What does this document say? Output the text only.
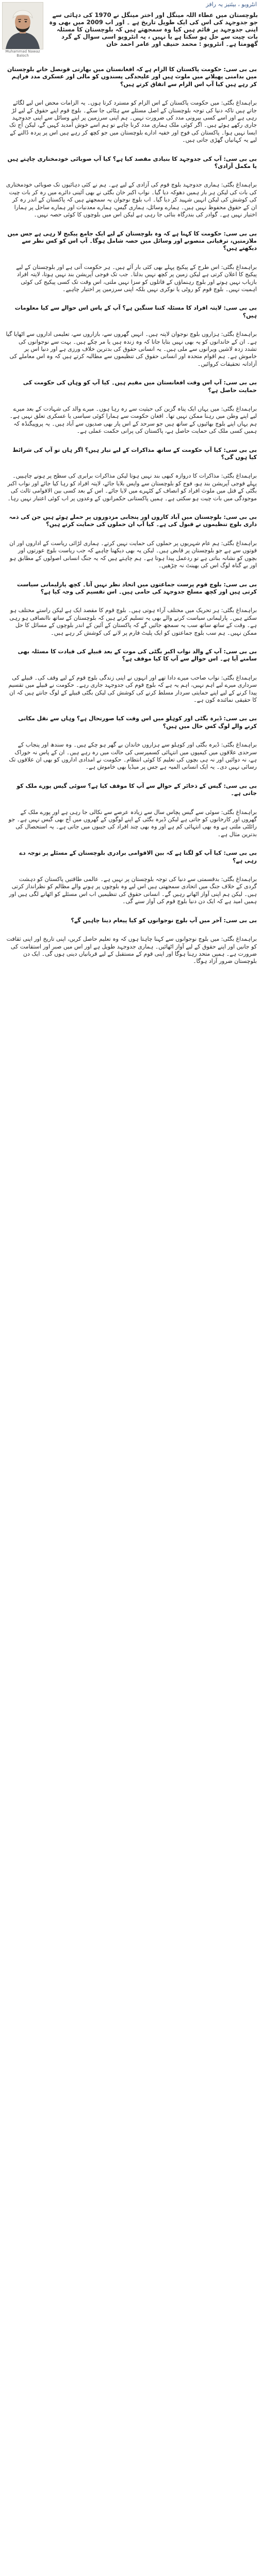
انٹرویو ، بیئتیز یہ رافز
Muhammad Nawaz Baloch
بلوچستان میں عطاء اللہ مینگل اور اختر مینگل نے 1970 کی دہائی سے جو جدوجہد کی اس کی ایک طویل تاریخ ہے ۔ اور اب 2009 میں بھی وہ اپنی جدوجہد پر قائم ہیں کیا وہ سمجھتے ہیں کہ بلوچستان کا مسئلہ بات چیت سے حل ہو سکتا ہے یا نہیں ، یہ انٹرویو اسی سوال کے گرد گھومتا ہے۔ انٹرویو : محمد حنیف اور عامر احمد خان

بی بی سی: حکومت پاکستان کا الزام ہے کہ افغانستان میں بھارتی قونصل خانے بلوچستان میں بدامنی پھیلانے میں ملوث ہیں اور علیحدگی پسندوں کو مالی اور عسکری مدد فراہم کر رہے ہیں کیا آپ اس الزام سے اتفاق کرتے ہیں؟

براہمداغ بگٹی: میں حکومت پاکستان کے اس الزام کو مسترد کرتا ہوں۔ یہ الزامات محض اس لیے لگائے جاتے ہیں تاکہ دنیا کی توجہ بلوچستان کے اصل مسئلے سے ہٹائی جا سکے۔ بلوچ قوم اپنے حقوق کے لیے لڑ رہی ہے اور اسے کسی بیرونی مدد کی ضرورت نہیں۔ ہم اپنی سرزمین پر اپنے وسائل سے اپنی جدوجہد جاری رکھے ہوئے ہیں۔ اگر کوئی ملک ہماری مدد کرنا چاہے تو ہم اسے خوش آمدید کہیں گے، لیکن آج تک ایسا نہیں ہوا۔ پاکستان کی فوج اور خفیہ ادارے بلوچستان میں جو کچھ کر رہے ہیں اس پر پردہ ڈالنے کے لیے یہ کہانیاں گھڑی جاتی ہیں۔

بی بی سی: آپ کی جدوجہد کا بنیادی مقصد کیا ہے؟ کیا آپ صوبائی خودمختاری چاہتے ہیں یا مکمل آزادی؟

براہمداغ بگٹی: ہماری جدوجہد بلوچ قوم کی آزادی کے لیے ہے۔ ہم نے کئی دہائیوں تک صوبائی خودمختاری کی بات کی لیکن ہر بار ہمیں دھوکہ دیا گیا۔ نواب اکبر خان بگٹی نے بھی آئینی دائرے میں رہ کر بات چیت کی کوشش کی لیکن انہیں شہید کر دیا گیا۔ اب بلوچ نوجوان یہ سمجھتے ہیں کہ پاکستان کے اندر رہ کر ان کے حقوق محفوظ نہیں ہیں۔ ہمارے وسائل، ہماری گیس، ہمارے معدنیات اور ہمارے ساحل پر ہمارا اختیار نہیں ہے۔ گوادر کی بندرگاہ بنائی جا رہی ہے لیکن اس میں بلوچوں کا کوئی حصہ نہیں۔

بی بی سی: حکومت کا کہنا ہے کہ وہ بلوچستان کے لیے ایک جامع پیکیج لا رہی ہے جس میں ملازمتیں، ترقیاتی منصوبے اور وسائل میں حصہ شامل ہوگا۔ آپ اس کو کس نظر سے دیکھتے ہیں؟

براہمداغ بگٹی: اس طرح کے پیکیج پہلے بھی کئی بار آئے ہیں۔ ہر حکومت آتی ہے اور بلوچستان کے لیے پیکیج کا اعلان کرتی ہے لیکن زمین پر کچھ نہیں بدلتا۔ جب تک فوجی آپریشن بند نہیں ہوتا، لاپتہ افراد بازیاب نہیں ہوتے اور بلوچ رہنماؤں کے قاتلوں کو سزا نہیں ملتی، اس وقت تک کسی پیکیج کی کوئی اہمیت نہیں۔ بلوچ قوم کو روٹی یا نوکری نہیں بلکہ اپنی سرزمین پر اختیار چاہیے۔

بی بی سی: لاپتہ افراد کا مسئلہ کتنا سنگین ہے؟ آپ کے پاس اس حوالے سے کیا معلومات ہیں؟

براہمداغ بگٹی: ہزاروں بلوچ نوجوان لاپتہ ہیں۔ انہیں گھروں سے، بازاروں سے، تعلیمی اداروں سے اٹھایا گیا ہے۔ ان کے خاندانوں کو یہ بھی نہیں بتایا جاتا کہ وہ زندہ ہیں یا مر چکے ہیں۔ بہت سے نوجوانوں کی تشدد زدہ لاشیں ویرانوں سے ملی ہیں۔ یہ انسانی حقوق کی بدترین خلاف ورزی ہے اور دنیا اس پر خاموش ہے۔ ہم اقوام متحدہ اور انسانی حقوق کی تنظیموں سے مطالبہ کرتے ہیں کہ وہ اس معاملے کی آزادانہ تحقیقات کروائیں۔

بی بی سی: آپ اس وقت افغانستان میں مقیم ہیں۔ کیا آپ کو وہاں کی حکومت کی حمایت حاصل ہے؟

براہمداغ بگٹی: میں یہاں ایک پناہ گزین کی حیثیت سے رہ رہا ہوں۔ میرے والد کی شہادت کے بعد میرے لیے اپنے وطن میں رہنا ممکن نہیں تھا۔ افغان حکومت سے ہمارا کوئی سیاسی یا عسکری تعلق نہیں ہے۔ ہم یہاں اپنے بلوچ بھائیوں کے ساتھ ہیں جو سرحد کے اس پار بھی صدیوں سے آباد ہیں۔ یہ پروپیگنڈہ کہ ہمیں کسی ملک کی حمایت حاصل ہے، پاکستان کی پرانی حکمت عملی ہے۔

بی بی سی: کیا آپ حکومت کے ساتھ مذاکرات کے لیے تیار ہیں؟ اگر ہاں تو آپ کی شرائط کیا ہوں گی؟

براہمداغ بگٹی: مذاکرات کا دروازہ کبھی بند نہیں ہوتا لیکن مذاکرات برابری کی سطح پر ہونے چاہییں۔ پہلے فوجی آپریشن بند ہو، فوج کو بلوچستان سے واپس بلایا جائے، لاپتہ افراد کو رہا کیا جائے اور نواب اکبر بگٹی کے قتل میں ملوث افراد کو انصاف کے کٹہرے میں لایا جائے۔ اس کے بعد کسی بین الاقوامی ثالث کی موجودگی میں بات چیت ہو سکتی ہے۔ ہمیں پاکستانی حکمرانوں کے وعدوں پر اب کوئی اعتبار نہیں رہا۔

بی بی سی: بلوچستان میں آباد کاروں اور پنجابی مزدوروں پر حملے ہوئے ہیں جن کی ذمہ داری بلوچ تنظیموں نے قبول کی ہے۔ کیا آپ ان حملوں کی حمایت کرتے ہیں؟

براہمداغ بگٹی: ہم عام شہریوں پر حملوں کی حمایت نہیں کرتے۔ ہماری لڑائی ریاست کے اداروں اور ان قوتوں سے ہے جو بلوچستان پر قابض ہیں۔ لیکن یہ بھی دیکھنا چاہیے کہ جب ریاست بلوچ عورتوں اور بچوں کو نشانہ بناتی ہے تو ردعمل پیدا ہوتا ہے۔ ہم چاہتے ہیں کہ یہ جنگ انسانی اصولوں کے مطابق ہو اور بے گناہ لوگ اس کی بھینٹ نہ چڑھیں۔

بی بی سی: بلوچ قوم پرست جماعتوں میں اتحاد نظر نہیں آتا۔ کچھ پارلیمانی سیاست کرتی ہیں اور کچھ مسلح جدوجہد کی حامی ہیں۔ اس تقسیم کی وجہ کیا ہے؟

براہمداغ بگٹی: ہر تحریک میں مختلف آراء ہوتی ہیں۔ بلوچ قوم کا مقصد ایک ہے لیکن راستے مختلف ہو سکتے ہیں۔ پارلیمانی سیاست کرنے والے بھی یہ تسلیم کرتے ہیں کہ بلوچستان کے ساتھ ناانصافی ہو رہی ہے۔ وقت کے ساتھ ساتھ سب یہ سمجھ جائیں گے کہ پاکستان کے آئین کے اندر بلوچوں کے مسائل کا حل ممکن نہیں۔ ہم سب بلوچ جماعتوں کو ایک پلیٹ فارم پر لانے کی کوشش کر رہے ہیں۔

بی بی سی: آپ کے والد نواب اکبر بگٹی کی موت کے بعد قبیلے کی قیادت کا مسئلہ بھی سامنے آیا ہے۔ اس حوالے سے آپ کا کیا موقف ہے؟

براہمداغ بگٹی: نواب صاحب میرے دادا تھے اور انہوں نے اپنی زندگی بلوچ قوم کے لیے وقف کی۔ قبیلے کی سرداری میرے لیے اہم نہیں، اہم یہ ہے کہ بلوچ قوم کی جدوجہد جاری رہے۔ حکومت نے قبیلے میں تقسیم پیدا کرنے کے لیے اپنے حمایتی سردار مسلط کرنے کی کوشش کی لیکن بگٹی قبیلے کے لوگ جانتے ہیں کہ ان کا حقیقی نمائندہ کون ہے۔

بی بی سی: ڈیرہ بگٹی اور کوہلو میں اس وقت کیا صورتحال ہے؟ وہاں سے نقل مکانی کرنے والے لوگ کس حال میں ہیں؟

براہمداغ بگٹی: ڈیرہ بگٹی اور کوہلو سے ہزاروں خاندان بے گھر ہو چکے ہیں۔ وہ سندھ اور پنجاب کے سرحدی علاقوں میں کیمپوں میں انتہائی کسمپرسی کی حالت میں رہ رہے ہیں۔ ان کے پاس نہ خوراک ہے، نہ دوائیں اور نہ ہی بچوں کی تعلیم کا کوئی انتظام۔ حکومت نے امدادی اداروں کو بھی ان علاقوں تک رسائی نہیں دی۔ یہ ایک انسانی المیہ ہے جس پر میڈیا بھی خاموش ہے۔

بی بی سی: گیس کے ذخائر کے حوالے سے آپ کا موقف کیا ہے؟ سوئی گیس پورے ملک کو جاتی ہے۔

براہمداغ بگٹی: سوئی سے گیس پچاس سال سے زیادہ عرصے سے نکالی جا رہی ہے اور پورے ملک کے گھروں اور کارخانوں کو جاتی ہے لیکن ڈیرہ بگٹی کے اپنے لوگوں کے گھروں میں آج بھی گیس نہیں ہے۔ جو رائلٹی ملتی ہے وہ بھی انتہائی کم ہے اور وہ بھی چند افراد کی جیبوں میں جاتی ہے۔ یہ استحصال کی بدترین مثال ہے۔

بی بی سی: کیا آپ کو لگتا ہے کہ بین الاقوامی برادری بلوچستان کے مسئلے پر توجہ دے رہی ہے؟

براہمداغ بگٹی: بدقسمتی سے دنیا کی توجہ بلوچستان پر نہیں ہے۔ عالمی طاقتیں پاکستان کو دہشت گردی کے خلاف جنگ میں اتحادی سمجھتی ہیں اس لیے وہ بلوچوں پر ہونے والے مظالم کو نظرانداز کرتی ہیں۔ لیکن ہم اپنی آواز اٹھاتے رہیں گے۔ انسانی حقوق کی تنظیمیں اب اس مسئلے کو اٹھانے لگی ہیں اور ہمیں امید ہے کہ ایک دن دنیا بلوچ قوم کی آواز سنے گی۔

بی بی سی: آخر میں آپ بلوچ نوجوانوں کو کیا پیغام دینا چاہیں گے؟

براہمداغ بگٹی: میں بلوچ نوجوانوں سے کہنا چاہتا ہوں کہ وہ تعلیم حاصل کریں، اپنی تاریخ اور اپنی ثقافت کو جانیں اور اپنے حقوق کے لیے آواز اٹھائیں۔ ہماری جدوجہد طویل ہے اور اس میں صبر اور استقامت کی ضرورت ہے۔ ہمیں متحد رہنا ہوگا اور اپنی قوم کے مستقبل کے لیے قربانیاں دینی ہوں گی۔ ایک دن بلوچستان ضرور آزاد ہوگا۔
